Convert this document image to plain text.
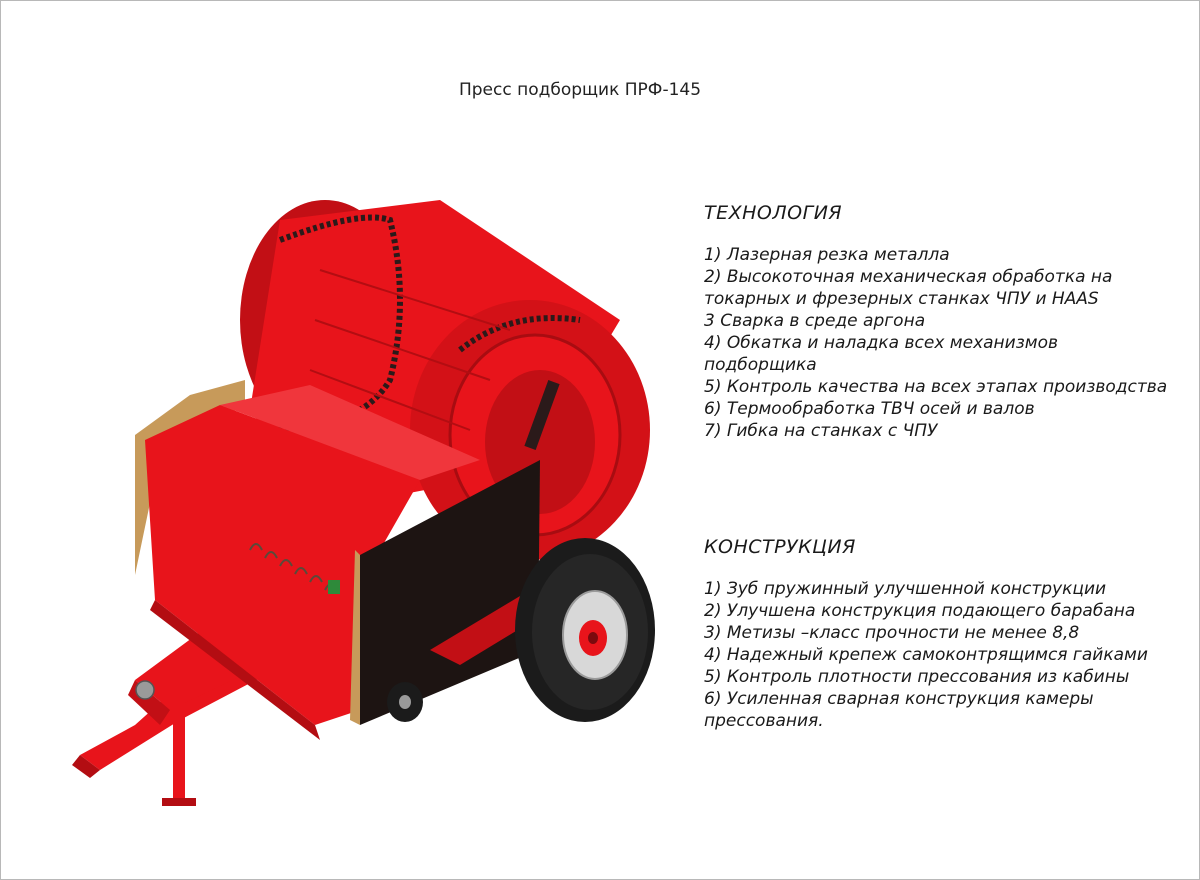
Пресс подборщик ПРФ-145
ТЕХНОЛОГИЯ
1) Лазерная резка металла
2) Высокоточная механическая обработка на токарных и фрезерных станках ЧПУ и HAAS
3 Сварка в среде аргона
4) Обкатка и наладка всех механизмов подборщика
5) Контроль качества на всех этапах производства
6) Термообработка ТВЧ осей и валов
7) Гибка на станках с ЧПУ
КОНСТРУКЦИЯ
1) Зуб пружинный улучшенной конструкции
2) Улучшена конструкция подающего барабана
3) Метизы –класс прочности не менее 8,8
4) Надежный крепеж самоконтрящимся гайками
5) Контроль плотности прессования из кабины
6) Усиленная сварная конструкция камеры прессования.
